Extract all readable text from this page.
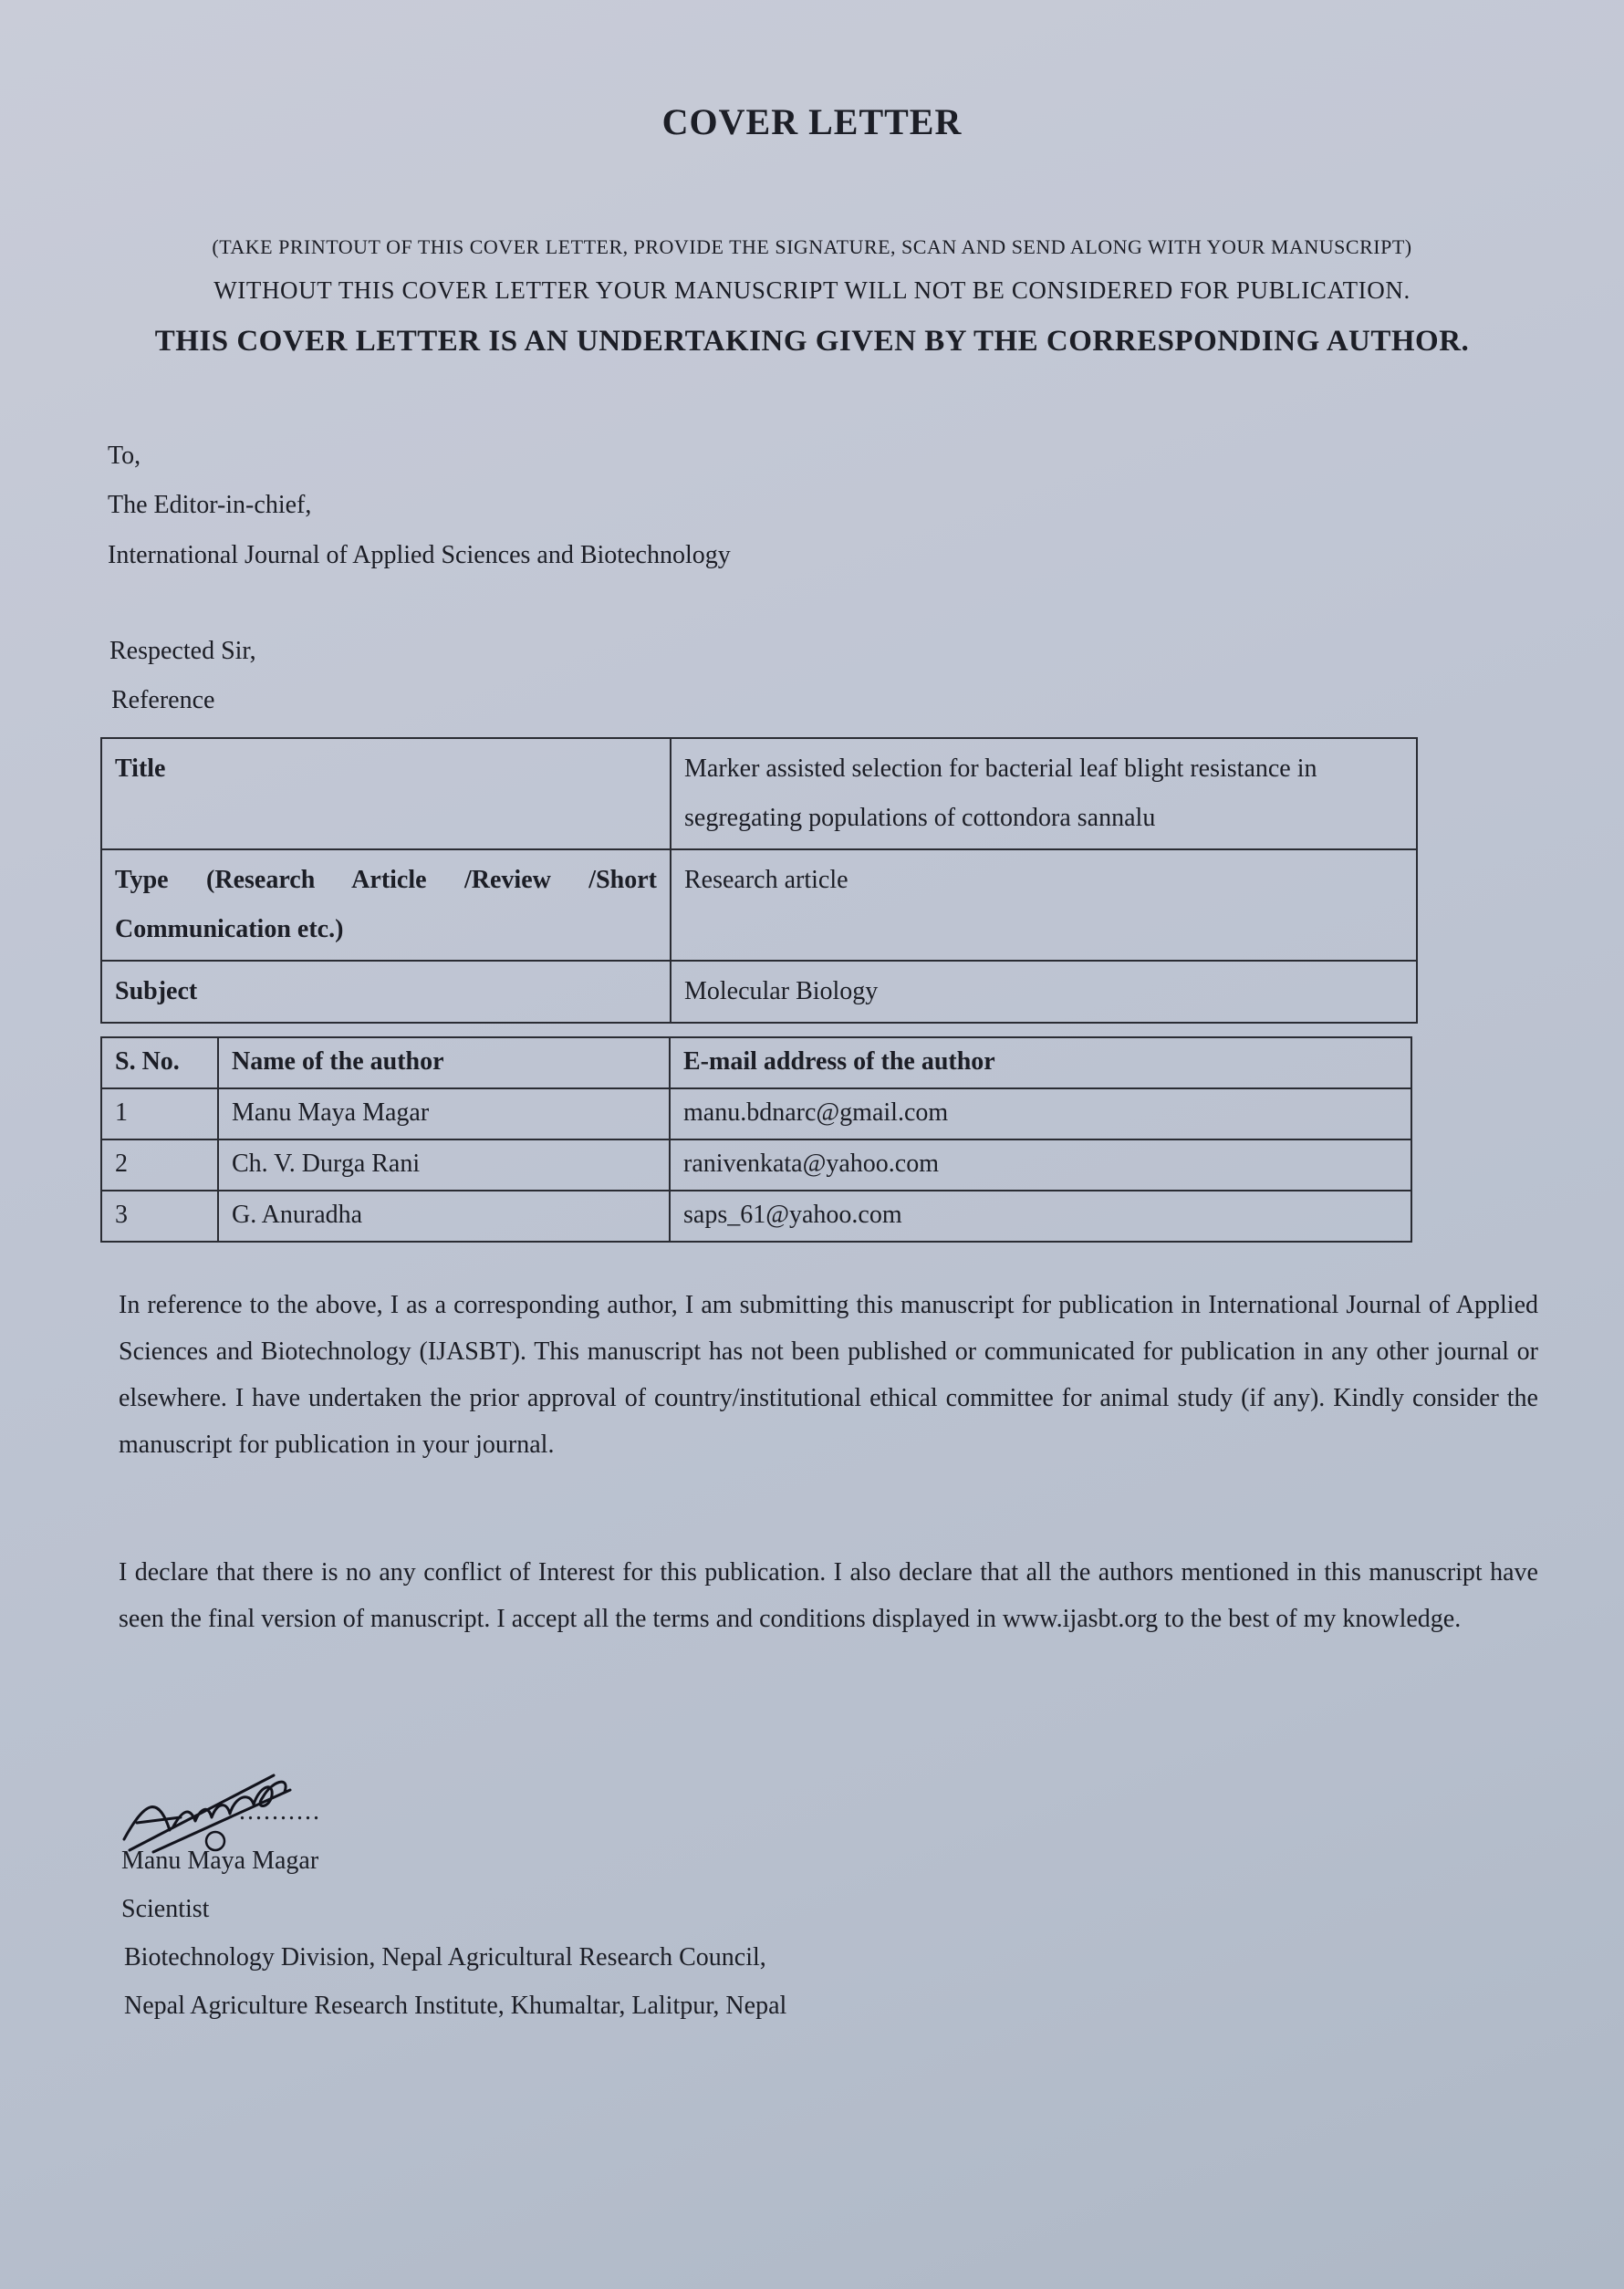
COVER LETTER
(TAKE PRINTOUT OF THIS COVER LETTER, PROVIDE THE SIGNATURE, SCAN AND SEND ALONG WITH YOUR MANUSCRIPT)
WITHOUT THIS COVER LETTER YOUR MANUSCRIPT WILL NOT BE CONSIDERED FOR PUBLICATION.
THIS COVER LETTER IS AN UNDERTAKING GIVEN BY THE CORRESPONDING AUTHOR.
To,
The Editor-in-chief,
International Journal of Applied Sciences and Biotechnology
Respected Sir,
Reference
Title	Marker assisted selection for bacterial leaf blight resistance in segregating populations of cottondora sannalu
Type (Research Article /Review /Short Communication etc.)	Research article
Subject	Molecular Biology
S. No.	Name of the author	E-mail address of the author
1	Manu Maya Magar	manu.bdnarc@gmail.com
2	Ch. V. Durga Rani	ranivenkata@yahoo.com
3	G. Anuradha	saps_61@yahoo.com
In reference to the above, I as a corresponding author, I am submitting this manuscript for publication in International Journal of Applied Sciences and Biotechnology (IJASBT). This manuscript has not been published or communicated for publication in any other journal or elsewhere. I have undertaken the prior approval of country/institutional ethical committee for animal study (if any). Kindly consider the manuscript for publication in your journal.
I declare that there is no any conflict of Interest for this publication. I also declare that all the authors mentioned in this manuscript have seen the final version of manuscript. I accept all the terms and conditions displayed in www.ijasbt.org to the best of my knowledge.
..........
Manu Maya Magar
Scientist
Biotechnology Division, Nepal Agricultural Research Council,
Nepal Agriculture Research Institute, Khumaltar, Lalitpur, Nepal
